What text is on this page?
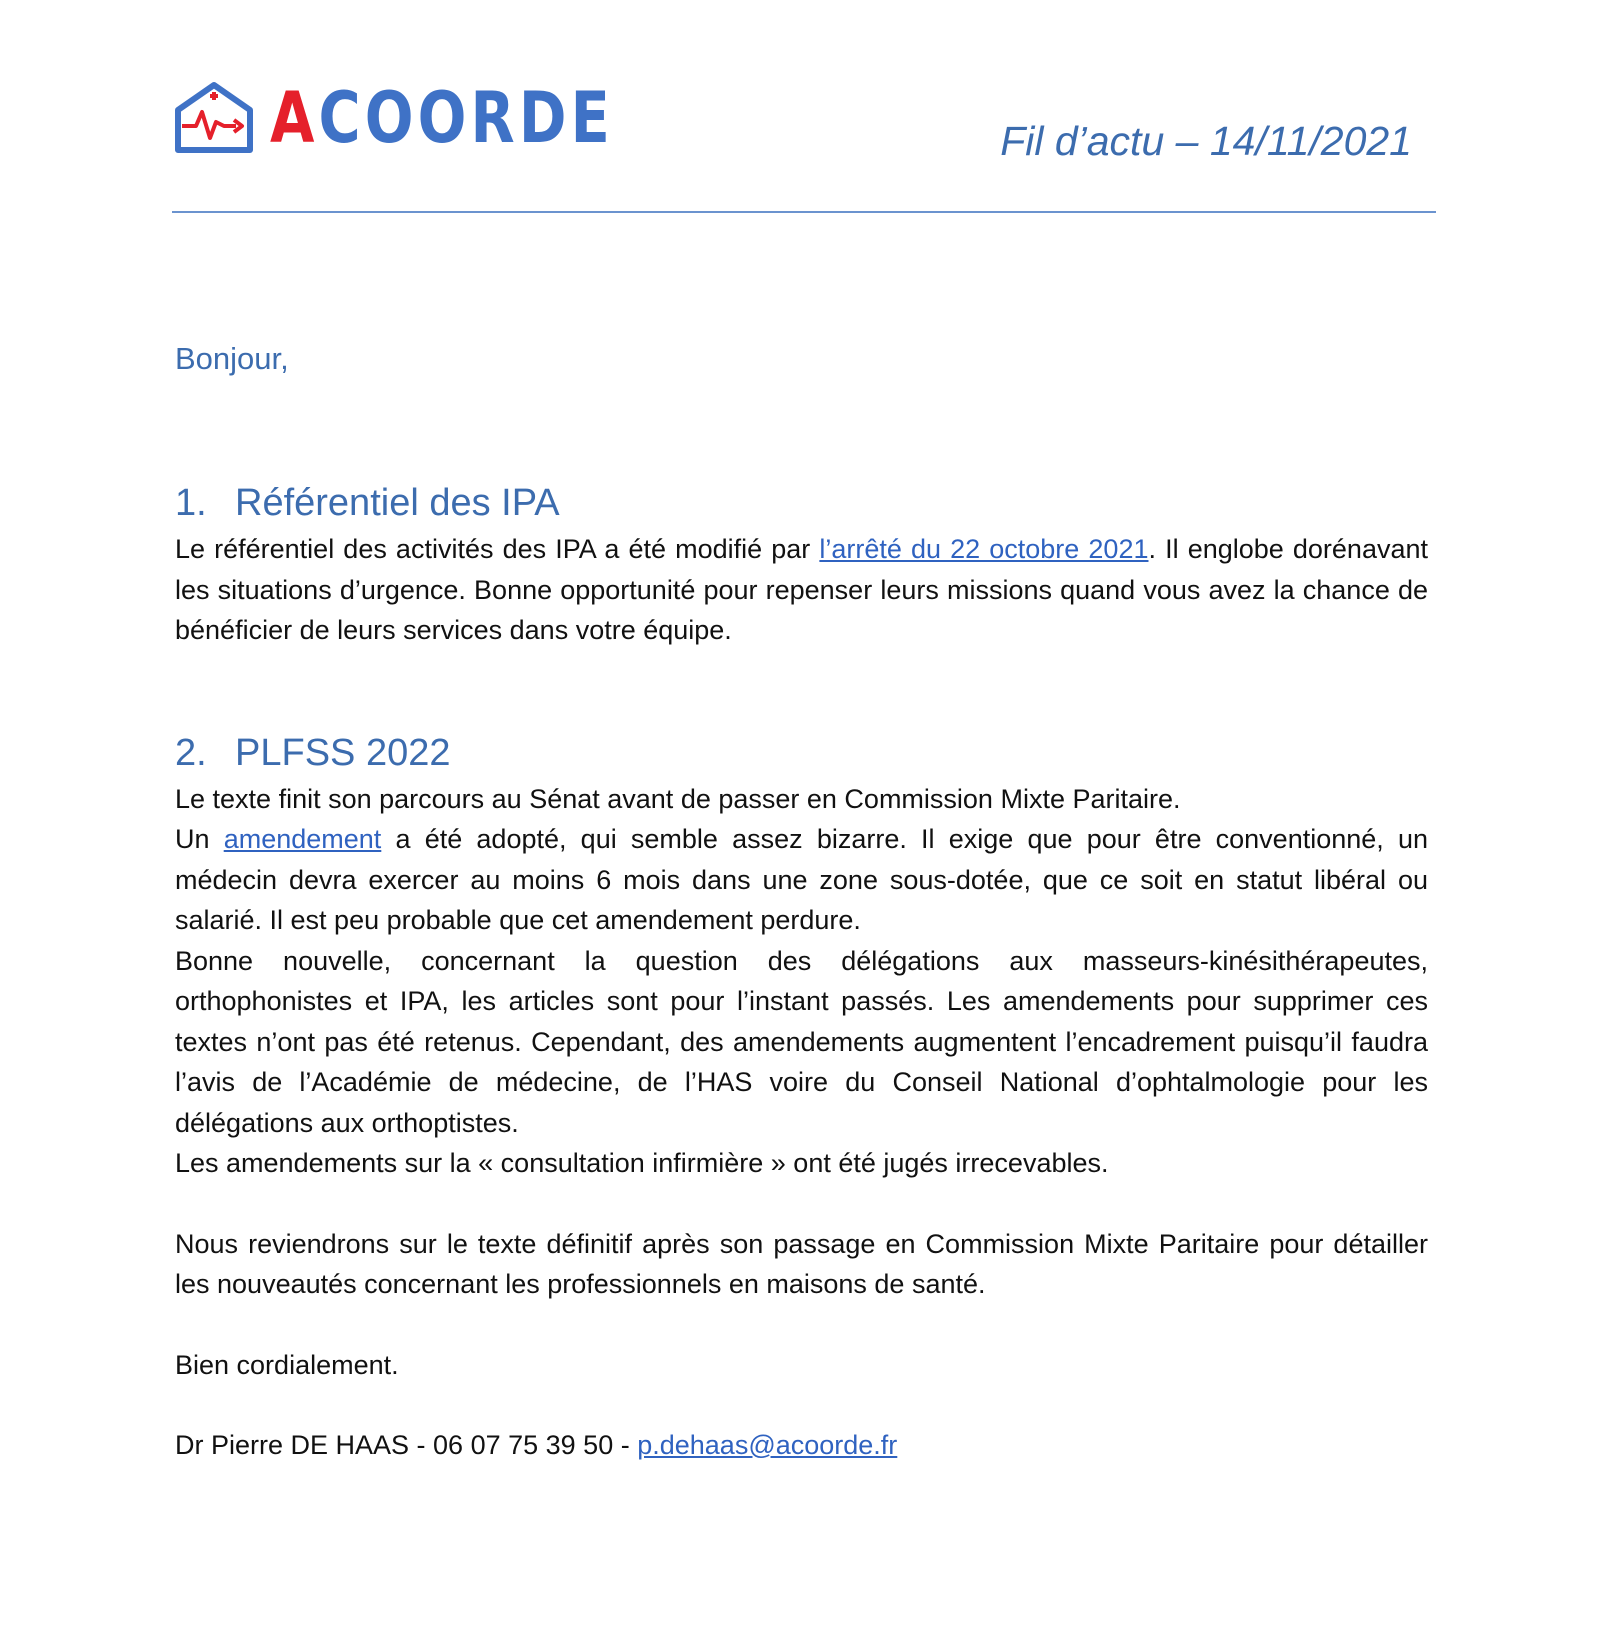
ACOORDE	Fil d’actu – 14/11/2021
Bonjour,
1. Référentiel des IPA

Le référentiel des activités des IPA a été modifié par l’arrêté du 22 octobre 2021. Il englobe dorénavant les situations d’urgence. Bonne opportunité pour repenser leurs missions quand vous avez la chance de bénéficier de leurs services dans votre équipe.

2. PLFSS 2022

Le texte finit son parcours au Sénat avant de passer en Commission Mixte Paritaire.

Un amendement a été adopté, qui semble assez bizarre. Il exige que pour être conventionné, un médecin devra exercer au moins 6 mois dans une zone sous-dotée, que ce soit en statut libéral ou salarié. Il est peu probable que cet amendement perdure.

Bonne nouvelle, concernant la question des délégations aux masseurs-kinésithérapeutes, orthophonistes et IPA, les articles sont pour l’instant passés. Les amendements pour supprimer ces textes n’ont pas été retenus. Cependant, des amendements augmentent l’encadrement puisqu’il faudra l’avis de l’Académie de médecine, de l’HAS voire du Conseil National d’ophtalmologie pour les délégations aux orthoptistes.

Les amendements sur la « consultation infirmière » ont été jugés irrecevables.

Nous reviendrons sur le texte définitif après son passage en Commission Mixte Paritaire pour détailler les nouveautés concernant les professionnels en maisons de santé.

Bien cordialement.

Dr Pierre DE HAAS - 06 07 75 39 50 - p.dehaas@acoorde.fr
